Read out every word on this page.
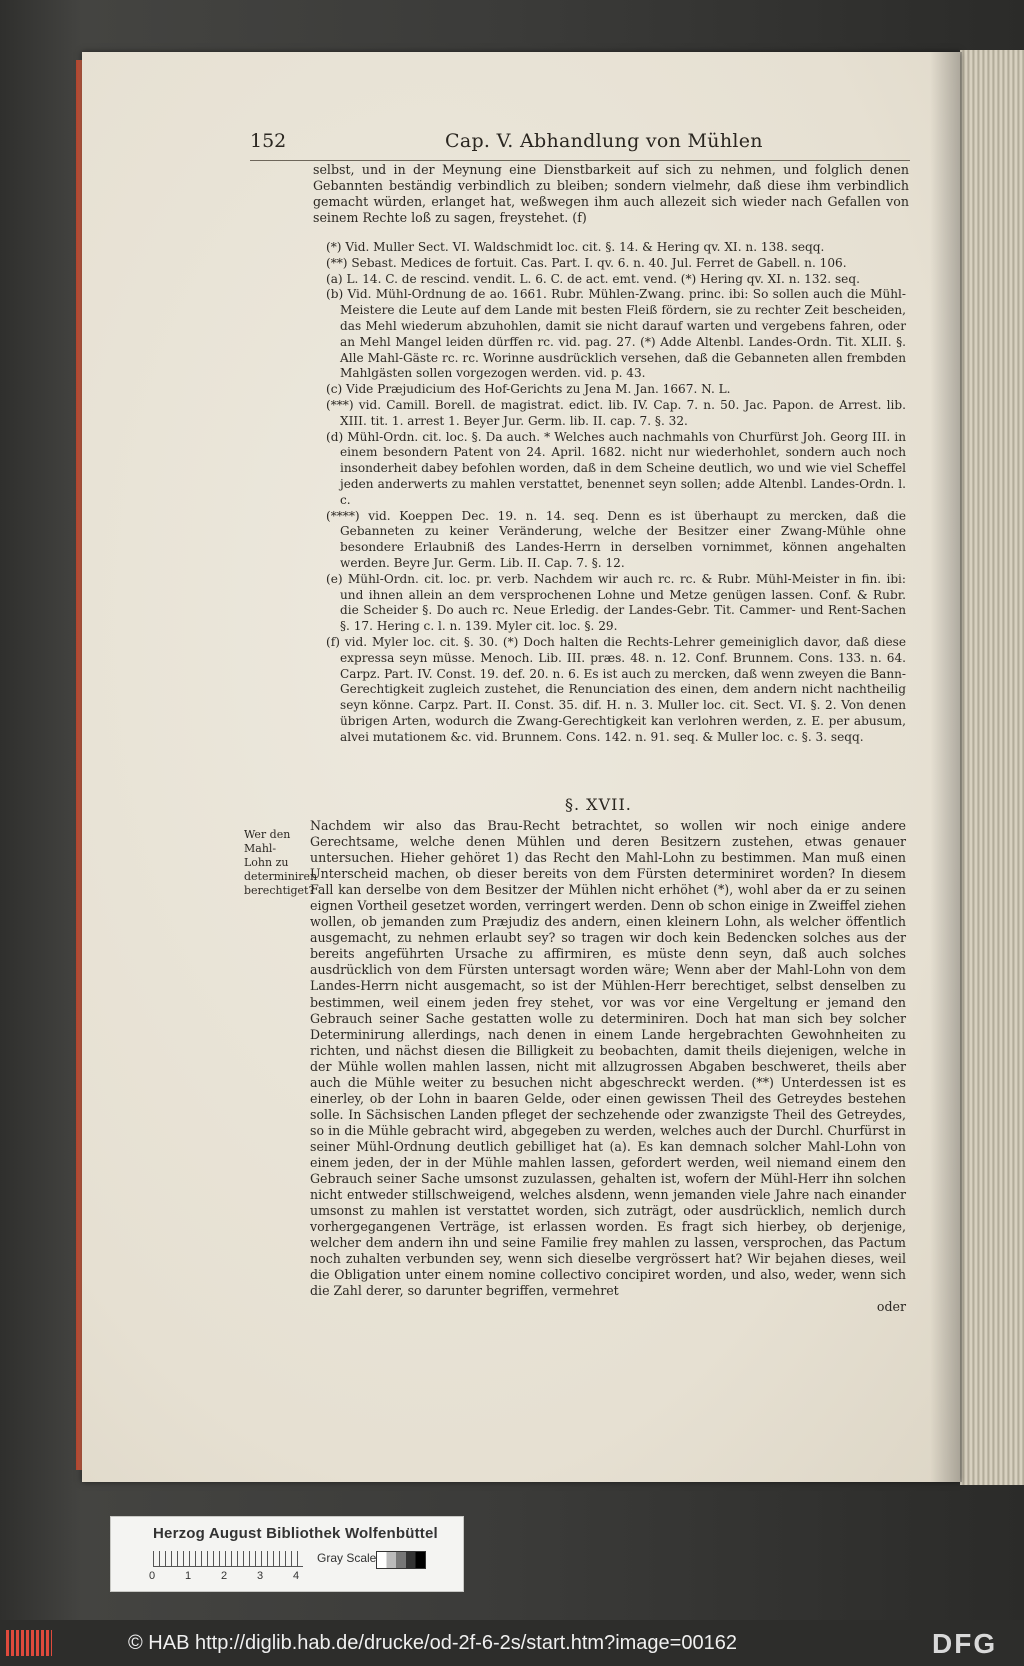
152	Cap. V. Abhandlung von Mühlen

selbst, und in der Meynung eine Dienstbarkeit auf sich zu nehmen, und folglich denen Gebannten beständig verbindlich zu bleiben; sondern vielmehr, daß diese ihm verbindlich gemacht würden, erlanget hat, weßwegen ihm auch allezeit sich wieder nach Gefallen von seinem Rechte loß zu sagen, freystehet. (f)

(*) Vid. Muller Sect. VI. Waldschmidt loc. cit. §. 14. & Hering qv. XI. n. 138. seqq.

(**) Sebast. Medices de fortuit. Cas. Part. I. qv. 6. n. 40. Jul. Ferret de Gabell. n. 106.

(a) L. 14. C. de rescind. vendit. L. 6. C. de act. emt. vend. (*) Hering qv. XI. n. 132. seq.

(b) Vid. Mühl-Ordnung de ao. 1661. Rubr. Mühlen-Zwang. princ. ibi: So sollen auch die Mühl-Meistere die Leute auf dem Lande mit besten Fleiß fördern, sie zu rechter Zeit bescheiden, das Mehl wiederum abzuhohlen, damit sie nicht darauf warten und vergebens fahren, oder an Mehl Mangel leiden dürffen rc. vid. pag. 27. (*) Adde Altenbl. Landes-Ordn. Tit. XLII. §. Alle Mahl-Gäste rc. rc. Worinne ausdrücklich versehen, daß die Gebanneten allen frembden Mahlgästen sollen vorgezogen werden. vid. p. 43.

(c) Vide Præjudicium des Hof-Gerichts zu Jena M. Jan. 1667. N. L.

(***) vid. Camill. Borell. de magistrat. edict. lib. IV. Cap. 7. n. 50. Jac. Papon. de Arrest. lib. XIII. tit. 1. arrest 1. Beyer Jur. Germ. lib. II. cap. 7. §. 32.

(d) Mühl-Ordn. cit. loc. §. Da auch. * Welches auch nachmahls von Churfürst Joh. Georg III. in einem besondern Patent von 24. April. 1682. nicht nur wiederhohlet, sondern auch noch insonderheit dabey befohlen worden, daß in dem Scheine deutlich, wo und wie viel Scheffel jeden anderwerts zu mahlen verstattet, benennet seyn sollen; adde Altenbl. Landes-Ordn. l. c.

(****) vid. Koeppen Dec. 19. n. 14. seq. Denn es ist überhaupt zu mercken, daß die Gebanneten zu keiner Veränderung, welche der Besitzer einer Zwang-Mühle ohne besondere Erlaubniß des Landes-Herrn in derselben vornimmet, können angehalten werden. Beyre Jur. Germ. Lib. II. Cap. 7. §. 12.

(e) Mühl-Ordn. cit. loc. pr. verb. Nachdem wir auch rc. rc. & Rubr. Mühl-Meister in fin. ibi: und ihnen allein an dem versprochenen Lohne und Metze genügen lassen. Conf. & Rubr. die Scheider §. Do auch rc. Neue Erledig. der Landes-Gebr. Tit. Cammer- und Rent-Sachen §. 17. Hering c. l. n. 139. Myler cit. loc. §. 29.

(f) vid. Myler loc. cit. §. 30. (*) Doch halten die Rechts-Lehrer gemeiniglich davor, daß diese expressa seyn müsse. Menoch. Lib. III. præs. 48. n. 12. Conf. Brunnem. Cons. 133. n. 64. Carpz. Part. IV. Const. 19. def. 20. n. 6. Es ist auch zu mercken, daß wenn zweyen die Bann-Gerechtigkeit zugleich zustehet, die Renunciation des einen, dem andern nicht nachtheilig seyn könne. Carpz. Part. II. Const. 35. dif. H. n. 3. Muller loc. cit. Sect. VI. §. 2. Von denen übrigen Arten, wodurch die Zwang-Gerechtigkeit kan verlohren werden, z. E. per abusum, alvei mutationem &c. vid. Brunnem. Cons. 142. n. 91. seq. & Muller loc. c. §. 3. seqq.

§. XVII.
Wer den Mahl-Lohn zu determiniren berechtiget?

Nachdem wir also das Brau-Recht betrachtet, so wollen wir noch einige andere Gerechtsame, welche denen Mühlen und deren Besitzern zustehen, etwas genauer untersuchen. Hieher gehöret 1) das Recht den Mahl-Lohn zu bestimmen. Man muß einen Unterscheid machen, ob dieser bereits von dem Fürsten determiniret worden? In diesem Fall kan derselbe von dem Besitzer der Mühlen nicht erhöhet (*), wohl aber da er zu seinen eignen Vortheil gesetzet worden, verringert werden. Denn ob schon einige in Zweiffel ziehen wollen, ob jemanden zum Præjudiz des andern, einen kleinern Lohn, als welcher öffentlich ausgemacht, zu nehmen erlaubt sey? so tragen wir doch kein Bedencken solches aus der bereits angeführten Ursache zu affirmiren, es müste denn seyn, daß auch solches ausdrücklich von dem Fürsten untersagt worden wäre; Wenn aber der Mahl-Lohn von dem Landes-Herrn nicht ausgemacht, so ist der Mühlen-Herr berechtiget, selbst denselben zu bestimmen, weil einem jeden frey stehet, vor was vor eine Vergeltung er jemand den Gebrauch seiner Sache gestatten wolle zu determiniren. Doch hat man sich bey solcher Determinirung allerdings, nach denen in einem Lande hergebrachten Gewohnheiten zu richten, und nächst diesen die Billigkeit zu beobachten, damit theils diejenigen, welche in der Mühle wollen mahlen lassen, nicht mit allzugrossen Abgaben beschweret, theils aber auch die Mühle weiter zu besuchen nicht abgeschreckt werden. (**) Unterdessen ist es einerley, ob der Lohn in baaren Gelde, oder einen gewissen Theil des Getreydes bestehen solle. In Sächsischen Landen pfleget der sechzehende oder zwanzigste Theil des Getreydes, so in die Mühle gebracht wird, abgegeben zu werden, welches auch der Durchl. Churfürst in seiner Mühl-Ordnung deutlich gebilliget hat (a). Es kan demnach solcher Mahl-Lohn von einem jeden, der in der Mühle mahlen lassen, gefordert werden, weil niemand einem den Gebrauch seiner Sache umsonst zuzulassen, gehalten ist, wofern der Mühl-Herr ihn solchen nicht entweder stillschweigend, welches alsdenn, wenn jemanden viele Jahre nach einander umsonst zu mahlen ist verstattet worden, sich zuträgt, oder ausdrücklich, nemlich durch vorhergegangenen Verträge, ist erlassen worden. Es fragt sich hierbey, ob derjenige, welcher dem andern ihn und seine Familie frey mahlen zu lassen, versprochen, das Pactum noch zuhalten verbunden sey, wenn sich dieselbe vergrössert hat? Wir bejahen dieses, weil die Obligation unter einem nomine collectivo concipiret worden, und also, weder, wenn sich die Zahl derer, so darunter begriffen, vermehret

oder

Herzog August Bibliothek Wolfenbüttel
0	1	2	3	4
Gray Scale
© HAB http://diglib.hab.de/drucke/od-2f-6-2s/start.htm?image=00162	DFG
